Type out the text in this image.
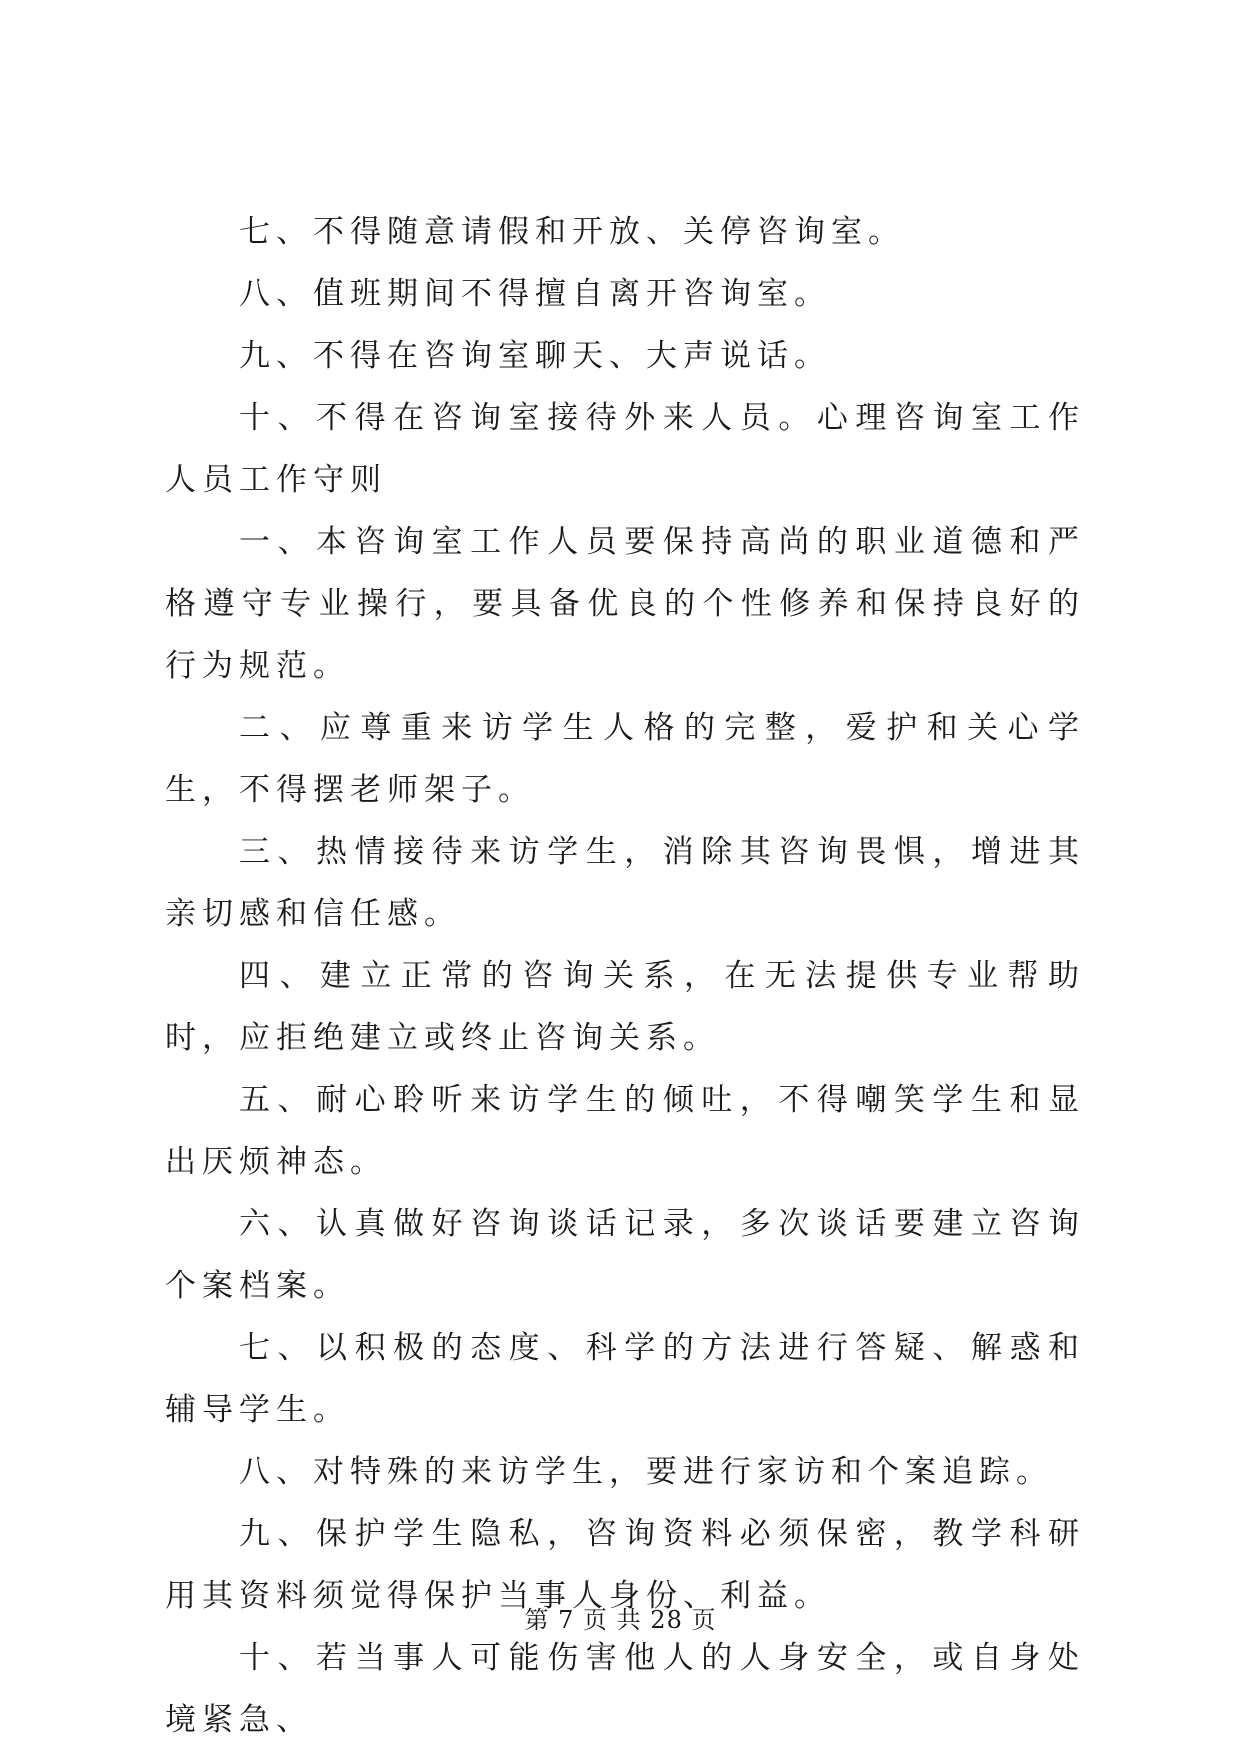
七、不得随意请假和开放、关停咨询室。

八、值班期间不得擅自离开咨询室。

九、不得在咨询室聊天、大声说话。

十、不得在咨询室接待外来人员。心理咨询室工作人员工作守则

一、本咨询室工作人员要保持高尚的职业道德和严格遵守专业操行，要具备优良的个性修养和保持良好的行为规范。

二、应尊重来访学生人格的完整，爱护和关心学生，不得摆老师架子。

三、热情接待来访学生，消除其咨询畏惧，增进其亲切感和信任感。

四、建立正常的咨询关系，在无法提供专业帮助时，应拒绝建立或终止咨询关系。

五、耐心聆听来访学生的倾吐，不得嘲笑学生和显出厌烦神态。

六、认真做好咨询谈话记录，多次谈话要建立咨询个案档案。

七、以积极的态度、科学的方法进行答疑、解惑和辅导学生。

八、对特殊的来访学生，要进行家访和个案追踪。

九、保护学生隐私，咨询资料必须保密，教学科研用其资料须觉得保护当事人身份、利益。

十、若当事人可能伤害他人的人身安全，或自身处境紧急、

第 7 页 共 28 页
